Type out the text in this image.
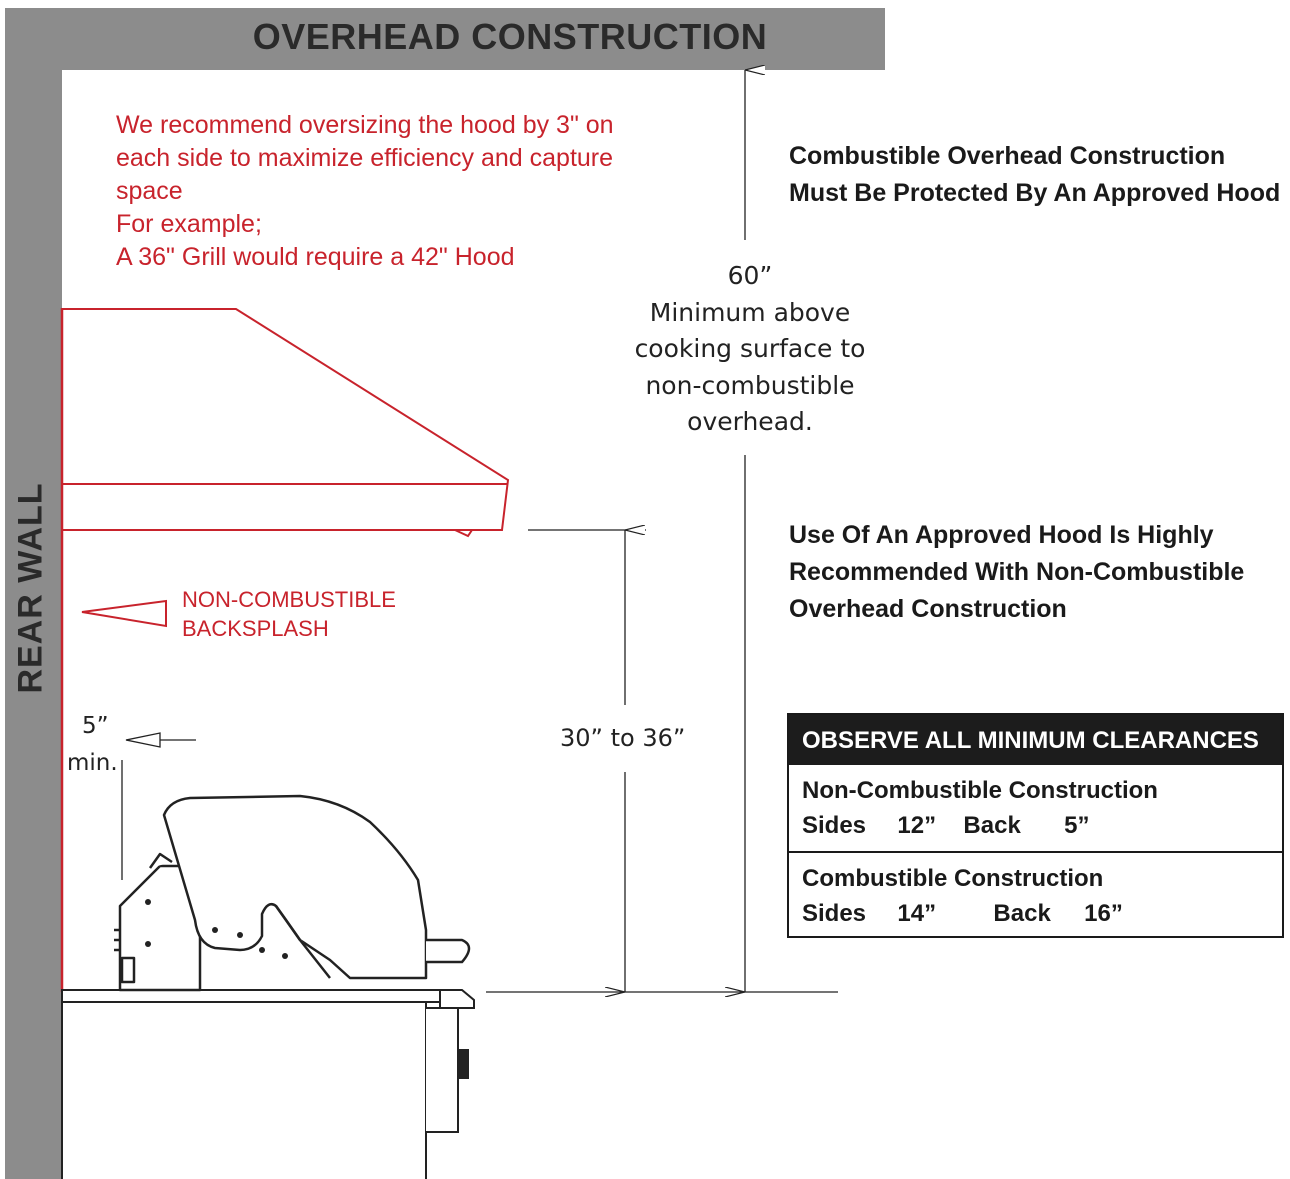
OVERHEAD CONSTRUCTION
REAR WALL
We recommend oversizing the hood by 3" on
each side to maximize efficiency and capture
space
For example;
A 36" Grill would require a 42" Hood
NON-COMBUSTIBLE
BACKSPLASH
60”
Minimum above
cooking surface to
non-combustible
overhead.
30” to 36”
5”
min.
Combustible Overhead Construction
Must Be Protected By An Approved Hood
Use Of An Approved Hood Is Highly
Recommended With Non-Combustible
Overhead Construction
OBSERVE ALL MINIMUM CLEARANCES
Non-Combustible Construction
Sides 12” Back 5”
Combustible Construction
Sides 14” Back 16”
